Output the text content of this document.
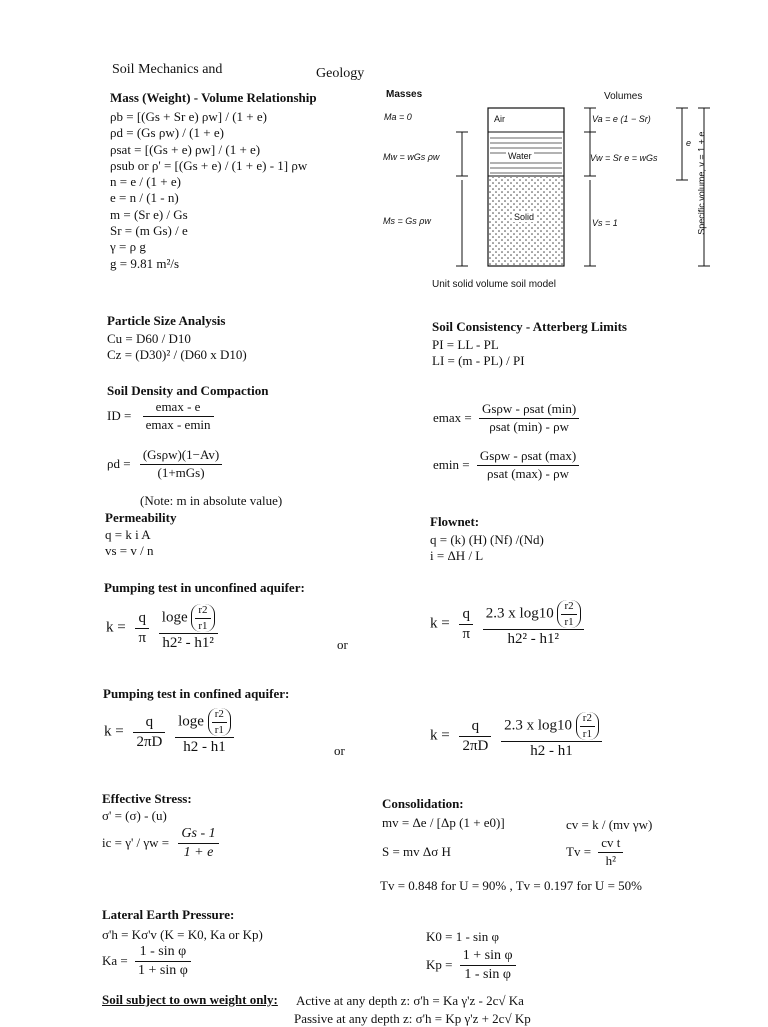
Soil Mechanics and	Geology
Mass (Weight) - Volume Relationship
ρb = [(Gs + Sr e) ρw] / (1 + e)
ρd = (Gs ρw) / (1 + e)
ρsat = [(Gs + e) ρw] / (1 + e)
ρsub or ρ' = [(Gs + e) / (1 + e) - 1] ρw
n = e / (1 + e)
e = n / (1 - n)
m = (Sr e) / Gs
Sr = (m Gs) / e
γ = ρ g
g = 9.81 m²/s
Masses	Volumes
Air
Water
Solid
Ma = 0
Mw = wGs ρw
Ms = Gs ρw
Va = e (1 − Sr)
Vw = Sr e = wGs
Vs = 1
e Specific volume, v = 1 + e
Unit solid volume soil model
Particle Size Analysis
Cu = D60 / D10
Cz = (D30)² / (D60 x D10)
Soil Consistency - Atterberg Limits
PI = LL - PL
LI = (m - PL) / PI
Soil Density and Compaction
ID = $\frac{emax - e}{emax - emin}$
$\rho d = \frac{\text{(Gsρw)(1−Av)}}{\text{(1+mGs)}}$
(Note: m in absolute value)
$emax = \frac{\text{Gsρw - ρsat (min)}}{\text{ρsat (min) - ρw}}$
$emin = \frac{\text{Gsρw - ρsat (max)}}{\text{ρsat (max) - ρw}}$
Permeability
q = k i A
vs = v / n
Flownet:
q = (k) (H) (Nf) /(Nd)
i = ΔH / L
Pumping test in unconfined aquifer:
$k = \frac{q}{\pi}$
$\frac{\log e \frac{r2}{r1}}{\text{h2² - h1²}}$	or
$k = \frac{q}{\pi}$
$\frac{2.3 x \log 10 \frac{r2}{r1}}{\text{h2² - h1²}}$
Pumping test in confined aquifer:
$k = \frac{q}{2\pi D}$
$\frac{\log e \frac{r2}{r1}}{h2 - h1}$	or
$k = \frac{q}{2\pi D}$
$\frac{2.3 x \log 10 \frac{r2}{r1}}{h2 - h1}$
Effective Stress:
σ' = (σ) - (u)
ic = $\gamma' / \gamma w = \frac{Gs - 1}{1 + e}$
Consolidation:
mv = Δe / [Δp (1 + e0)]	cv = k / (mv γw)
S = mv Δσ H	$Tv = \frac{\text{cv t}}{\text{h²}}$
Tv = 0.848 for U = 90% , Tv = 0.197 for U = 50%
Lateral Earth Pressure:
σ'h = Kσ'v (K = K0, Ka or Kp)
$Ka = \frac{\text{1 - sin φ}}{\text{1 + sin φ}}$
K0 = 1 - sin φ
$Kp = \frac{\text{1 + sin φ}}{\text{1 - sin φ}}$
Soil subject to own weight only: Active at any depth z: σ'h = Ka γ'z - 2c√ Ka
Passive at any depth z: σ'h = Kp γ'z + 2c√ Kp
